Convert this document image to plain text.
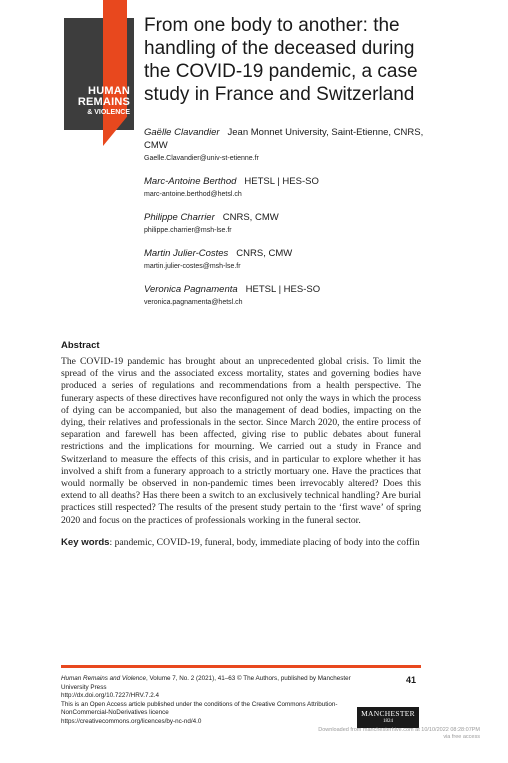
HUMAN
REMAINS
& VIOLENCE
From one body to another: the handling of the deceased during the COVID-19 pandemic, a case study in France and Switzerland
Gaëlle Clavandier Jean Monnet University, Saint-Etienne, CNRS, CMW
Gaelle.Clavandier@univ-st-etienne.fr
Marc-Antoine Berthod HETSL | HES-SO
marc-antoine.berthod@hetsl.ch
Philippe Charrier CNRS, CMW
philippe.charrier@msh-lse.fr
Martin Julier-Costes CNRS, CMW
martin.julier-costes@msh-lse.fr
Veronica Pagnamenta HETSL | HES-SO
veronica.pagnamenta@hetsl.ch
Abstract

The COVID-19 pandemic has brought about an unprecedented global crisis. To limit the spread of the virus and the associated excess mortality, states and governing bodies have produced a series of regulations and recommendations from a health perspective. The funerary aspects of these directives have reconfigured not only the ways in which the process of dying can be accompanied, but also the management of dead bodies, impacting on the dying, their relatives and professionals in the sector. Since March 2020, the entire process of separation and farewell has been affected, giving rise to public debates about funeral restrictions and the implications for mourning. We carried out a study in France and Switzerland to measure the effects of this crisis, and in particular to explore whether it has involved a shift from a funerary approach to a strictly mortuary one. Have the practices that would normally be observed in non-pandemic times been irrevocably altered? Does this extend to all deaths? Has there been a switch to an exclusively technical handling? Are burial practices still respected? The results of the present study pertain to the ‘first wave’ of spring 2020 and focus on the practices of professionals working in the funeral sector.

Key words: pandemic, COVID-19, funeral, body, immediate placing of body into the coffin
Human Remains and Violence, Volume 7, No. 2 (2021), 41–63 © The Authors, published by Manchester University Press
http://dx.doi.org/10.7227/HRV.7.2.4
This is an Open Access article published under the conditions of the Creative Commons Attribution-NonCommercial-NoDerivatives licence
https://creativecommons.org/licences/by-nc-nd/4.0
41
MANCHESTER
1824
Downloaded from manchesterhive.com at 10/10/2022 08:28:07PM
via free access
